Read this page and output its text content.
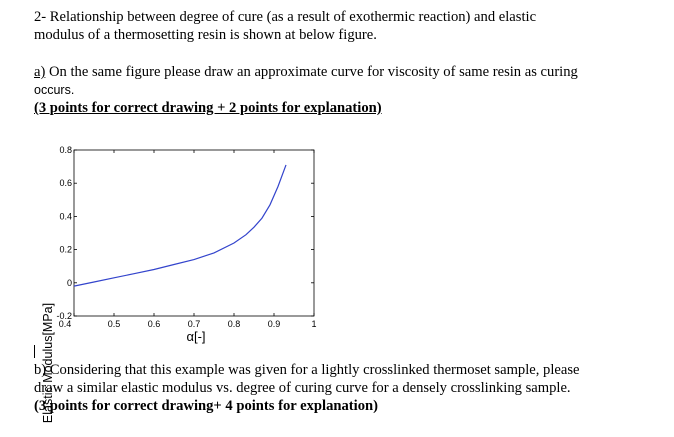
2- Relationship between degree of cure (as a result of exothermic reaction) and elastic
modulus of a thermosetting resin is shown at below figure.

a) On the same figure please draw an approximate curve for viscosity of same resin as curing

occurs.

(3 points for correct drawing + 2 points for explanation)

0.5	0.6	0.7	0.8	0.9	1
0.4
-0.2
0
0.2
0.4
0.6
0.8
α[-]
Elastic Modulus[MPa]

b) Considering that this example was given for a lightly crosslinked thermoset sample, please
draw a similar elastic modulus vs. degree of curing curve for a densely crosslinking sample.

(3 points for correct drawing+ 4 points for explanation)
